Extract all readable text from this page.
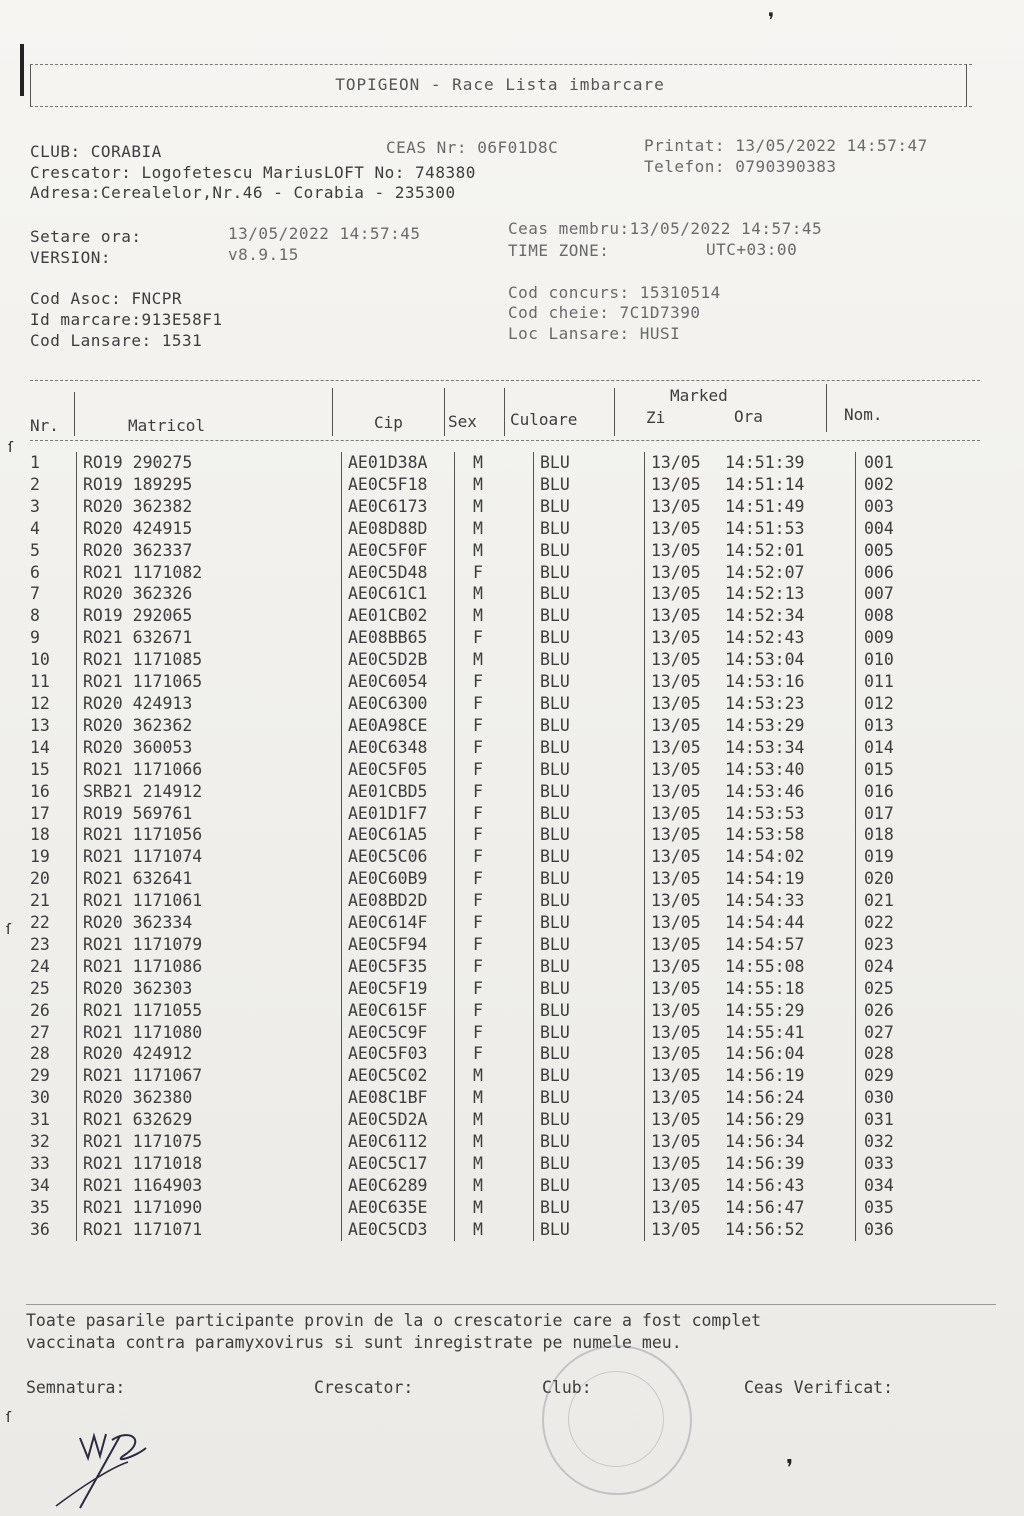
TOPIGEON - Race Lista imbarcare
CLUB: CORABIA	CEAS Nr: 06F01D8C	Printat: 13/05/2022 14:57:47
Crescator: Logofetescu MariusLOFT No: 748380	Telefon: 0790390383
Adresa:Cerealelor,Nr.46 - Corabia - 235300
Setare ora:	13/05/2022 14:57:45	Ceas membru:13/05/2022 14:57:45
VERSION:	v8.9.15	TIME ZONE:	UTC+03:00
Cod Asoc: FNCPR
Id marcare:913E58F1
Cod Lansare: 1531
Cod concurs: 15310514
Cod cheie: 7C1D7390
Loc Lansare: HUSI
Nr.	Matricol	Cip	Sex Culoare
Marked
Zi	Ora	Nom.
1	RO19 290275	AE01D38A	M	BLU	13/05	14:51:39	001
2	RO19 189295	AE0C5F18	M	BLU	13/05	14:51:14	002
3	RO20 362382	AE0C6173	M	BLU	13/05	14:51:49	003
4	RO20 424915	AE08D88D	M	BLU	13/05	14:51:53	004
5	RO20 362337	AE0C5F0F	M	BLU	13/05	14:52:01	005
6	RO21 1171082	AE0C5D48	F	BLU	13/05	14:52:07	006
7	RO20 362326	AE0C61C1	M	BLU	13/05	14:52:13	007
8	RO19 292065	AE01CB02	M	BLU	13/05	14:52:34	008
9	RO21 632671	AE08BB65	F	BLU	13/05	14:52:43	009
10	RO21 1171085	AE0C5D2B	M	BLU	13/05	14:53:04	010
11	RO21 1171065	AE0C6054	F	BLU	13/05	14:53:16	011
12	RO20 424913	AE0C6300	F	BLU	13/05	14:53:23	012
13	RO20 362362	AE0A98CE	F	BLU	13/05	14:53:29	013
14	RO20 360053	AE0C6348	F	BLU	13/05	14:53:34	014
15	RO21 1171066	AE0C5F05	F	BLU	13/05	14:53:40	015
16	SRB21 214912	AE01CBD5	F	BLU	13/05	14:53:46	016
17	RO19 569761	AE01D1F7	F	BLU	13/05	14:53:53	017
18	RO21 1171056	AE0C61A5	F	BLU	13/05	14:53:58	018
19	RO21 1171074	AE0C5C06	F	BLU	13/05	14:54:02	019
20	RO21 632641	AE0C60B9	F	BLU	13/05	14:54:19	020
21	RO21 1171061	AE08BD2D	F	BLU	13/05	14:54:33	021
22	RO20 362334	AE0C614F	F	BLU	13/05	14:54:44	022
23	RO21 1171079	AE0C5F94	F	BLU	13/05	14:54:57	023
24	RO21 1171086	AE0C5F35	F	BLU	13/05	14:55:08	024
25	RO20 362303	AE0C5F19	F	BLU	13/05	14:55:18	025
26	RO21 1171055	AE0C615F	F	BLU	13/05	14:55:29	026
27	RO21 1171080	AE0C5C9F	F	BLU	13/05	14:55:41	027
28	RO20 424912	AE0C5F03	F	BLU	13/05	14:56:04	028
29	RO21 1171067	AE0C5C02	M	BLU	13/05	14:56:19	029
30	RO20 362380	AE08C1BF	M	BLU	13/05	14:56:24	030
31	RO21 632629	AE0C5D2A	M	BLU	13/05	14:56:29	031
32	RO21 1171075	AE0C6112	M	BLU	13/05	14:56:34	032
33	RO21 1171018	AE0C5C17	M	BLU	13/05	14:56:39	033
34	RO21 1164903	AE0C6289	M	BLU	13/05	14:56:43	034
35	RO21 1171090	AE0C635E	M	BLU	13/05	14:56:47	035
36	RO21 1171071	AE0C5CD3	M	BLU	13/05	14:56:52	036
Toate pasarile participante provin de la o crescatorie care a fost complet
vaccinata contra paramyxovirus si sunt inregistrate pe numele meu.
Semnatura:	Crescator:	Club:	Ceas Verificat:
❜
❜
ſ
ſ
ſ
